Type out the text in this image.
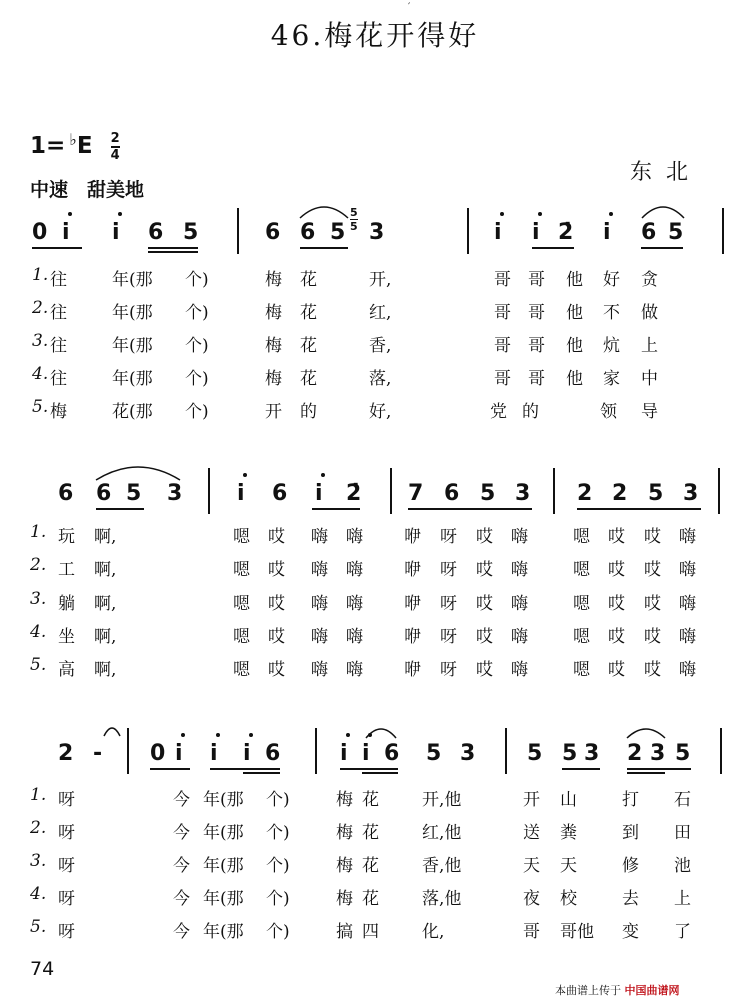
′
46.梅花开得好
$1= ^♭E \frac{2}{4}$
中速　甜美地
东北
0 i i 6 5	6 6 5 3	i i 2̇ i 6 5
5
5
1. 往	年(那 个)	梅 花	开,	哥 哥 他 好 贪
2. 往	年(那 个)	梅 花	红,	哥 哥 他 不 做
3. 往	年(那 个)	梅 花	香,	哥 哥 他 炕 上
4. 往	年(那 个)	梅 花	落,	哥 哥 他 家 中
5. 梅	花(那 个)	开 的	好,	党 的	领 导
6 6 5 3 i 6 i 2̇ 7 6 5 3 2 2 5 3
1. 玩 啊,	嗯 哎 嗨 嗨 咿 呀 哎 嗨	嗯 哎 哎 嗨
2. 工 啊,	嗯 哎 嗨 嗨 咿 呀 哎 嗨	嗯 哎 哎 嗨
3. 躺 啊,	嗯 哎 嗨 嗨 咿 呀 哎 嗨	嗯 哎 哎 嗨
4. 坐 啊,	嗯 哎 嗨 嗨 咿 呀 哎 嗨	嗯 哎 哎 嗨
5. 高 啊,	嗯 哎 嗨 嗨 咿 呀 哎 嗨	嗯 哎 哎 嗨
2 - 0 i i i 6	i i 6 5 3 5 5 3 2 3 5
1. 呀	今 年(那 个)	梅 花	开,他	开 山	打 石
2. 呀	今 年(那 个)	梅 花	红,他	送 粪	到 田
3. 呀	今 年(那 个)	梅 花	香,他	天 天	修 池
4. 呀	今 年(那 个)	梅 花	落,他	夜 校	去 上
5. 呀	今 年(那 个)	搞 四	化,	哥 哥他 变 了
74
本曲谱上传于 中国曲谱网
